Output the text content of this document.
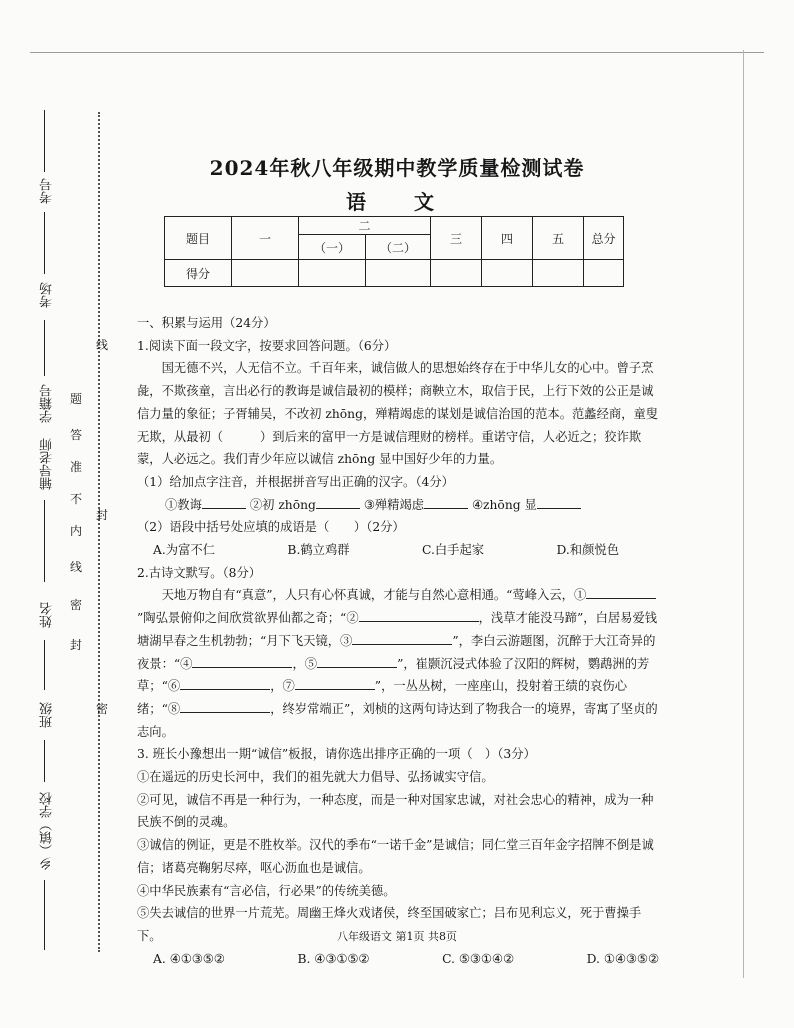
考号
考场
学籍号
辅导老师
姓名
班级
乡（镇）学校
线
题
答
准
不
内
线
封
密
封
密
2024年秋八年级期中教学质量检测试卷
语　文
题目	一	二		三	四	五	总分
		（一）	（二）				
得分							

一、积累与运用（24分）

1.阅读下面一段文字，按要求回答问题。（6分）

国无德不兴，人无信不立。千百年来，诚信做人的思想始终存在于中华儿女的心中。曾子烹彘，不欺孩童，言出必行的教诲是诚信最初的模样；商鞅立木，取信于民，上行下效的公正是诚信力量的象征；子胥辅吴，不改初 zhōng，殚精竭虑的谋划是诚信治国的范本。范蠡经商，童叟无欺，从最初（　　　）到后来的富甲一方是诚信理财的榜样。重诺守信，人必近之；狡诈欺蒙，人必远之。我们青少年应以诚信 zhōng 显中国好少年的力量。

（1）给加点字注音，并根据拼音写出正确的汉字。（4分）

①教诲	②初 zhōng	③殚精竭虑	④zhōng 显

（2）语段中括号处应填的成语是（　　）（2分）

A.为富不仁	B.鹤立鸡群	C.白手起家	D.和颜悦色

2.古诗文默写。（8分）

天地万物自有“真意”，人只有心怀真诚，才能与自然心意相通。“莺峰入云，①”陶弘景俯仰之间欣赏欲界仙都之奇；“②	，浅草才能没马蹄”，白居易爱钱塘湖早春之生机勃勃；“月下飞天镜，③	”，李白云游题图，沉醉于大江奇异的夜景：“④	，⑤	”，崔颢沉浸式体验了汉阳的辉树，鹦鹉洲的芳草；“⑥	，⑦	”，一丛丛树，一座座山，投射着王绩的哀伤心绪；“⑧	，终岁常端正”，刘桢的这两句诗达到了物我合一的境界，寄寓了坚贞的志向。

3. 班长小豫想出一期“诚信”板报，请你选出排序正确的一项（　）（3分）

①在遥远的历史长河中，我们的祖先就大力倡导、弘扬诚实守信。

②可见，诚信不再是一种行为，一种态度，而是一种对国家忠诚，对社会忠心的精神，成为一种民族不倒的灵魂。

③诚信的例证，更是不胜枚举。汉代的季布“一诺千金”是诚信；同仁堂三百年金字招牌不倒是诚信；诸葛亮鞠躬尽瘁，呕心沥血也是诚信。

④中华民族素有“言必信，行必果”的传统美德。

⑤失去诚信的世界一片荒芜。周幽王烽火戏诸侯，终至国破家亡；吕布见利忘义，死于曹操手下。

A. ④①③⑤②	B. ④③①⑤②	C. ⑤③①④②	D. ①④③⑤②
八年级语文 第1页 共8页
